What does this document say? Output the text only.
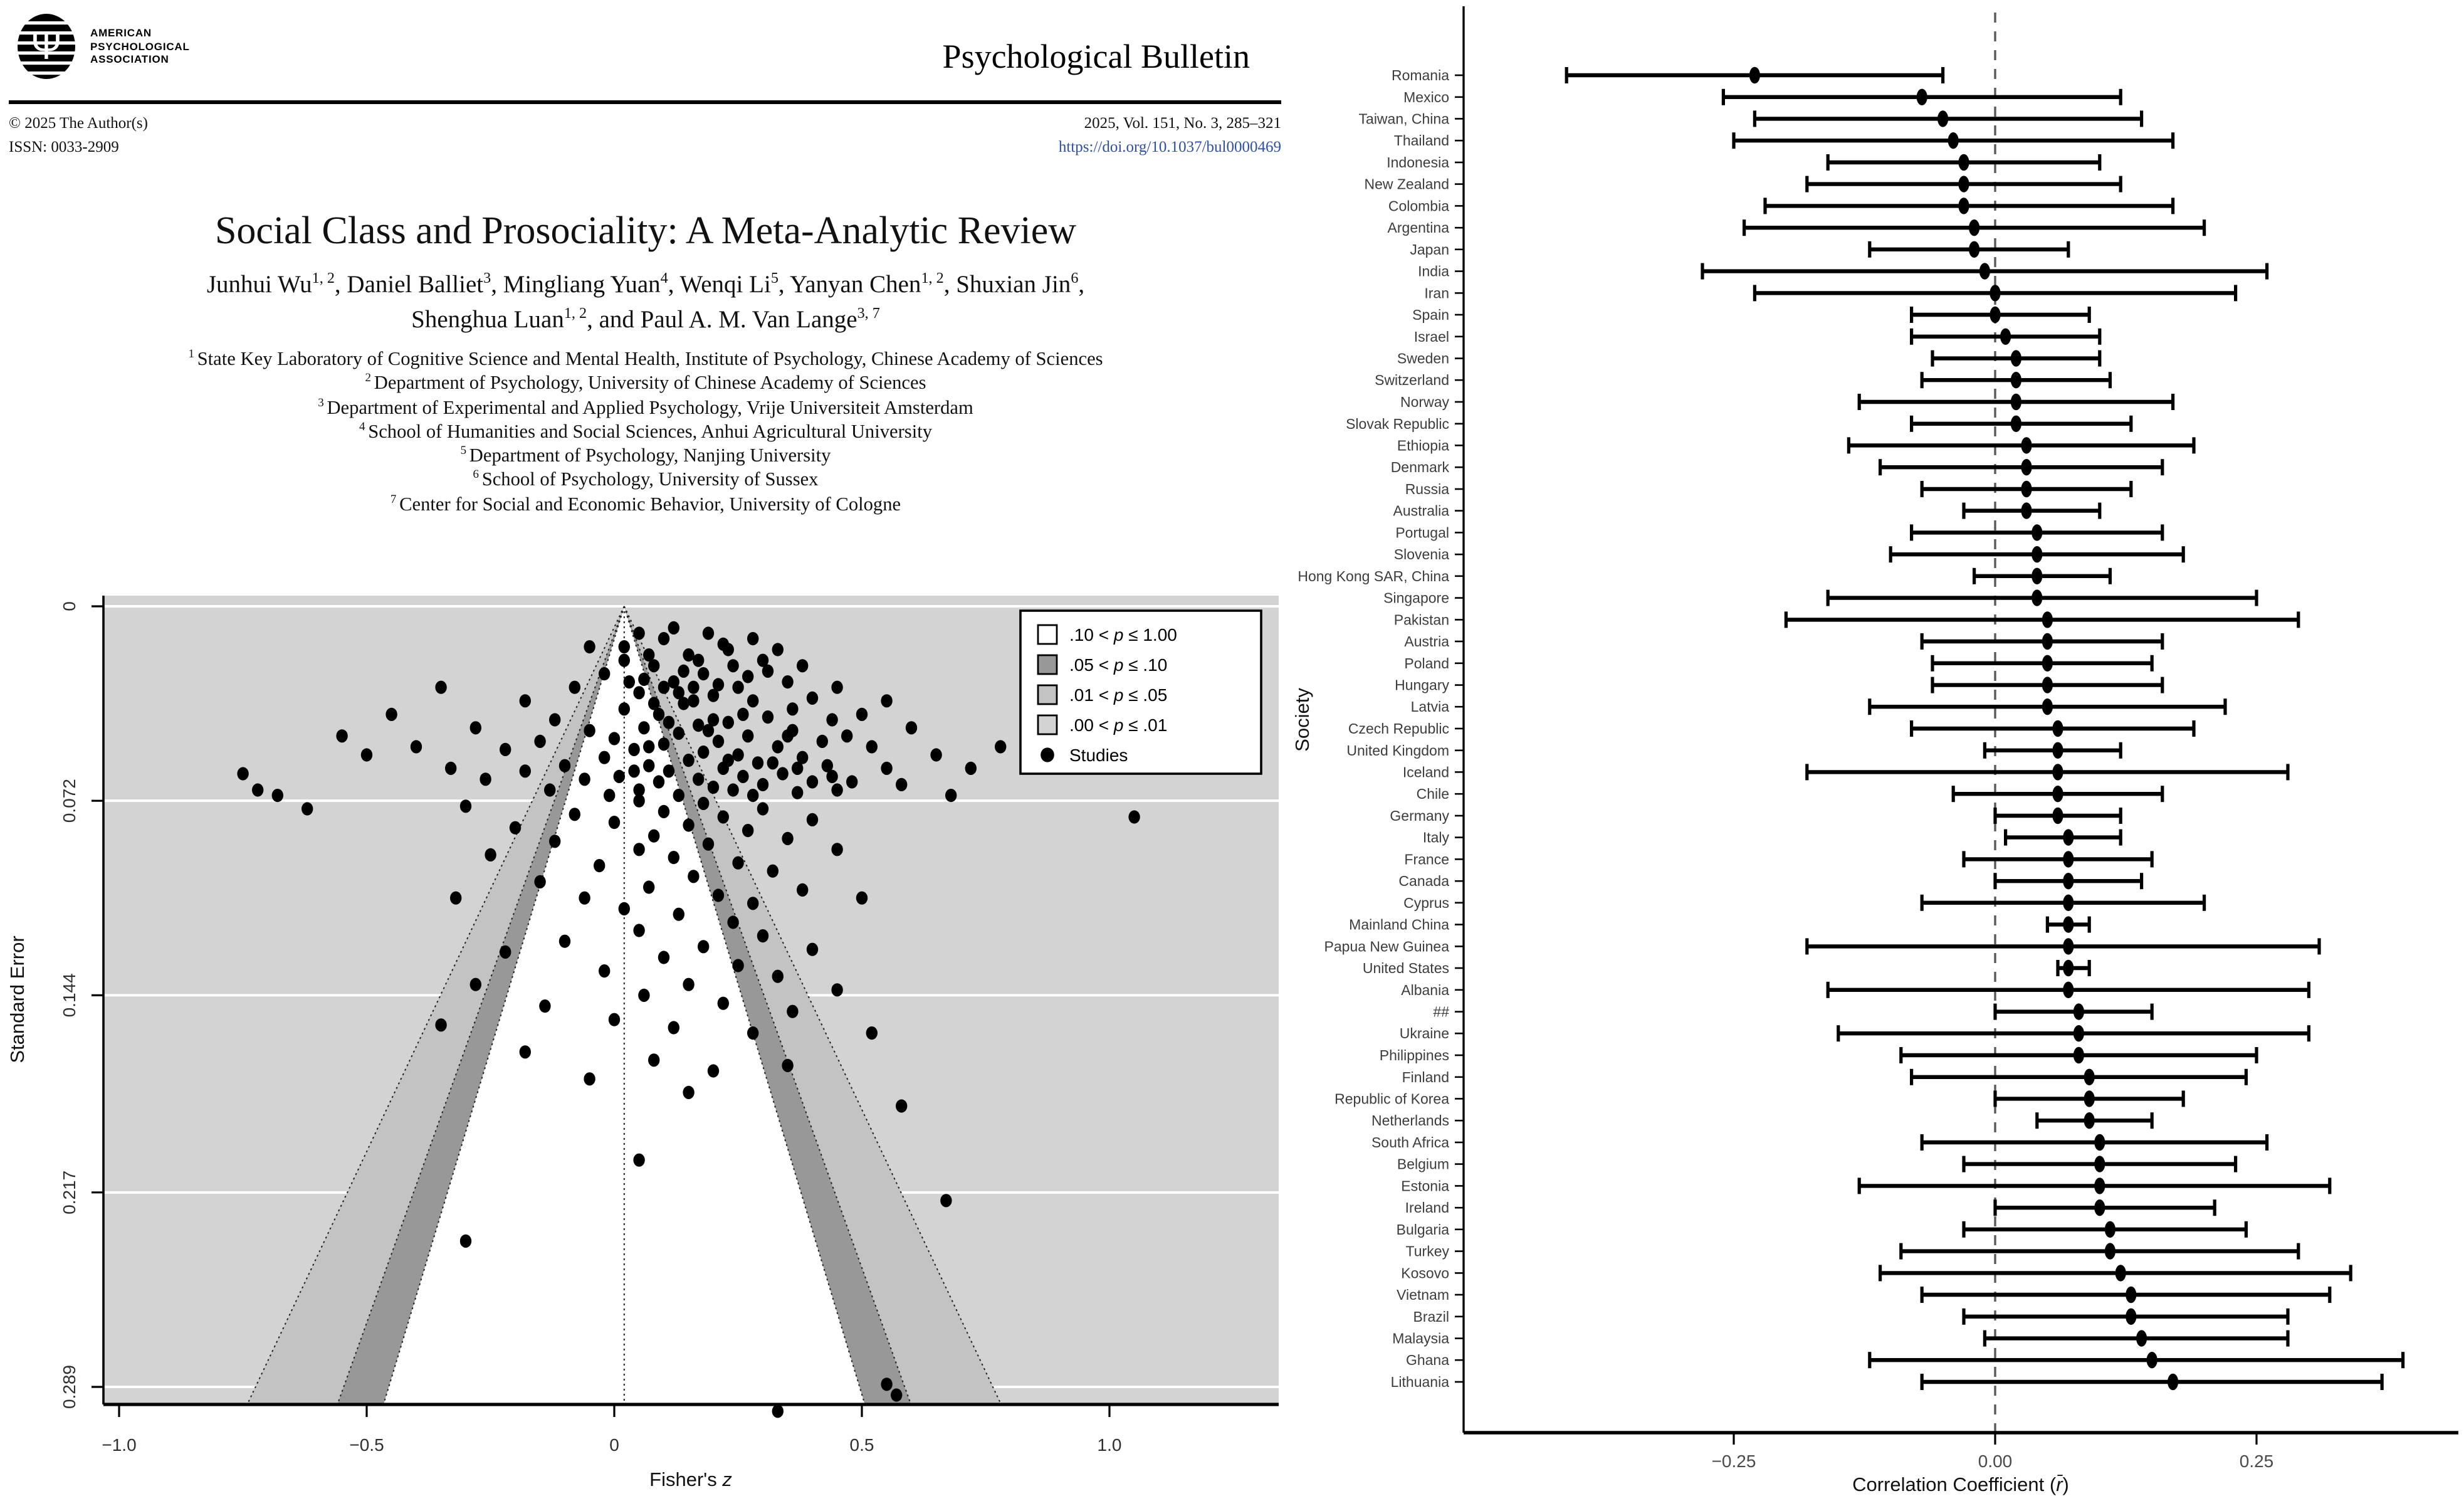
Ψ	AMERICAN
PSYCHOLOGICAL
ASSOCIATION	Psychological Bulletin
© 2025 The Author(s)
ISSN: 0033-2909
2025, Vol. 151, No. 3, 285–321
https://doi.org/10.1037/bul0000469
Social Class and Prosociality: A Meta-Analytic Review
Junhui Wu$^{1, 2}$, Daniel Balliet$^3$, Mingliang Yuan$^4$, Wenqi Li$^5$, Yanyan Chen$^{1, 2}$, Shuxian Jin$^6$,
Shenghua Luan$^{1, 2}$, and Paul A. M. Van Lange$^{3, 7}$
$^1$ State Key Laboratory of Cognitive Science and Mental Health, Institute of Psychology, Chinese Academy of Sciences
$^2$ Department of Psychology, University of Chinese Academy of Sciences
$^3$ Department of Experimental and Applied Psychology, Vrije Universiteit Amsterdam
$^4$ School of Humanities and Social Sciences, Anhui Agricultural University
$^5$ Department of Psychology, Nanjing University
$^6$ School of Psychology, University of Sussex
$^7$ Center for Social and Economic Behavior, University of Cologne
−1.0	−0.5	0	0.5	1.0
0
0.072
0.144
0.217
0.289
Fisher's z
Standard Error
.10 < p ≤ 1.00
.05 < p ≤ .10
.01 < p ≤ .05
.00 < p ≤ .01
Studies
Romania
Mexico
Taiwan, China
Thailand
Indonesia
New Zealand
Colombia
Argentina
Japan
India
Iran
Spain
Israel
Sweden
Switzerland
Norway
Slovak Republic
Ethiopia
Denmark
Russia
Australia
Portugal
Slovenia
Hong Kong SAR, China
Singapore
Pakistan
Austria
Poland
Hungary
Latvia
Czech Republic
United Kingdom
Iceland
Chile
Germany
Italy
France
Canada
Cyprus
Mainland China
Papua New Guinea
United States
Albania
##
Ukraine
Philippines
Finland
Republic of Korea
Netherlands
South Africa
Belgium
Estonia
Ireland
Bulgaria
Turkey
Kosovo
Vietnam
Brazil
Malaysia
Ghana
Lithuania
−0.25	0.00	0.25
Correlation Coefficient (r̄)
Society
